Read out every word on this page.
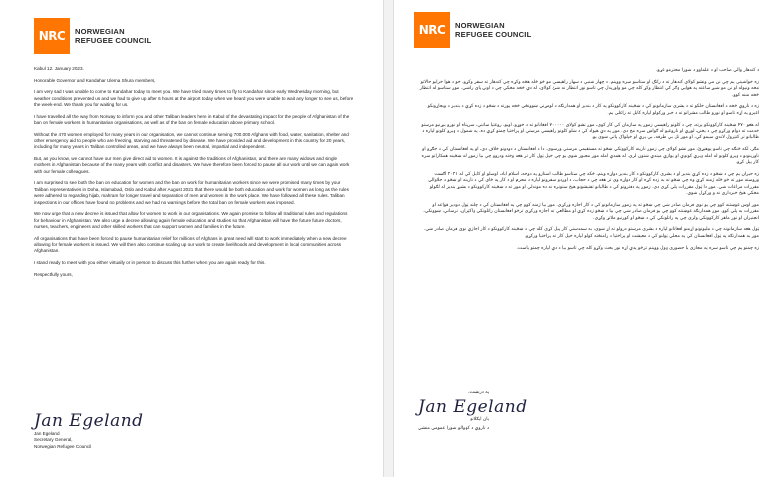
NRC	NORWEGIAN
REFUGEE COUNCIL

Kabul 12. January 2023.

Honorable Governor and Kandahar Ulema Shura members,

I am very sad I was unable to come to Kandahar today to meet you. We have tried many times to fly to Kandahar since early Wednesday morning, but weather conditions prevented us and we had to give up after 6 hours at the airport today when we heard you were unable to wait any longer to see us, before the week-end. We thank you for waiting for us.

I have travelled all the way from Norway to inform you and other Taliban leaders here in Kabul of the devastating impact for the people of Afghanistan of the ban on female workers in humanitarian organisations, as well as of the ban on female education above primary school.

Without the 470 women employed for many years in our organisation, we cannot continue serving 700.000 Afghans with food, water, sanitation, shelter and other emergency aid to people who are freezing, starving and threatened by disease. We have provided aid and development in this country for 20 years, including for many years in Taliban controlled areas, and we have always been neutral, impartial and independent.

But, as you know, we cannot have our men give direct aid to women. It is against the traditions of Afghanistan, and there are many widows and single mothers in Afghanistan because of the many years with conflict and disasters. We have therefore been forced to pause all our work until we can again work with our female colleagues.

I am surprised to see both the ban on education for women and the ban on work for humanitarian workers since we were promised many times by your Taliban representatives in Doha, Islamabad, Oslo and Kabul after August 2021 that there would be both education and work for women as long as the rules were adhered to regarding hijab, mahram for longer travel and separation of men and women in the work place. We have followed all these rules. Taliban inspections in our offices have found no problems and we had no warnings before the total ban on female workers was imposed.

We now urge that a new decree is issued that allow for women to work in our organisations. We again promise to follow all traditional rules and regulations for behaviour in Afghanistan. We also urge a decree allowing again female education and studies so that Afghanistan will have the future future doctors, nurses, teachers, engineers and other skilled workers that can support women and families in the future.

All organisations that have been forced to pause humanitarian relief for millions of Afghans in great need will start to work immediately when a new decree allowing for female workers is issued. We will then also continue scaling up our work to create livelihoods and development in local communities across Afghanistan.

I stand ready to meet with you either virtually or in person to discuss this further when you are again ready for this.

Respectfully yours,

Jan Egeland
Jan Egeland
Secretary General,
Norwegian Refugee Council
NRC	NORWEGIAN
REFUGEE COUNCIL

د کندهار والي صاحب او د علماوو د شورا محترمو غړو،

زه خواشینی یم چې نن مې ونشو کولای کندهار ته د راتګ او ستاسو سره ووینم. د چهار شنبې د سهار راهیسې مو څو ځله هڅه وکړه چې کندهار ته سفر وکړو، خو د هوا خرابو حالاتو مخه ونیوله او نن مو شپږ ساعته په هوايي ډګر کې انتظار وکړ کله چې مو واورېدل چې تاسو نور انتظار نه شئ کولای، له دې څخه مخکې چې د اونۍ پای راشي. موږ ستاسو له انتظار څخه مننه کوو.

زه د ناروې څخه د افغانستان خلکو ته د بشري سازمانونو کې د ښځینه کارکوونکو په کار د بندیز او همدارنګه د لومړني ښوونځي څخه پورته د ښځو د زده کړې د بندیز د ویجاړونکو اغېزو په اړه تاسو او نورو طالب مشرانو ته د خبر ورکولو لپاره کابل ته راغلی یم.

له هغو ۴۷۰ ښځینه کارکوونکو پرته، چې د کلونو راهیسې زموږ په سازمان کې کار کوي، موږ نشو کولای ۷۰۰۰۰۰ افغانانو ته د خوړو، اوبو، روغتیا ساتنې، سرپناه او نورو بېړنیو مرستو خدمت ته دوام ورکړو چې د یخنۍ، لوږې او ناروغیو له ګواښ سره مخ دي. موږ په دې هېواد کې د شلو کلونو راهیسې مرستې او پراختیا چمتو کړې ده، په شمول د ډېرو کلونو لپاره د طالبانو تر کنټرول لاندې سیمو کې، او موږ تل بې طرفه، بې پرې او خپلواک پاتې شوي یو.

مګر، لکه څنګه چې تاسو پوهېږئ، موږ نشو کولای چې زموږ نارینه کارکوونکي ښځو ته مستقیمې مرستې ورسوي. دا د افغانستان د دودونو خلاف دی، او په افغانستان کې د جګړو او ناورینونو د ډېرو کلونو له امله ډېرې کونډې او یوازې میندې شتون لري. له همدې امله موږ مجبور شوي یو چې خپل ټول کار تر هغه وخته ودروو چې بیا زموږ له ښځینه همکارانو سره کار پیل کړو.

زه حیران یم چې د ښځو د زده کړې بندیز او د بشري کارکوونکو د کار بندیز دواړه وینم، ځکه چې ستاسو طالب استازو په دوحه، اسلام اباد، اوسلو او کابل کې له ۲۰۲۱ اګست وروسته موږ ته څو ځله ژمنه کړې وه چې ښځو ته به زده کړه او کار دواړه وي تر هغه چې د حجاب، د اوږدو سفرونو لپاره د محرم او د کار په ځای کې د نارینه او ښځو د جلاوالي مقررات مراعات شي. موږ دا ټول مقررات پلي کړي دي. زموږ په دفترونو کې د طالبانو تفتیشونو هېڅ ستونزه نه ده موندلې او موږ ته د ښځینه کارکوونکو د بشپړ بندیز له لګولو مخکې هېڅ خبرداری نه و ورکړل شوی.

موږ اوس غوښتنه کوو چې یو نوی فرمان صادر شي چې ښځو ته په زموږ سازمانونو کې د کار اجازه ورکړي. موږ بیا ژمنه کوو چې په افغانستان کې د چلند ټول دودیز قواعد او مقررات به پلي کوو. موږ همدارنګه غوښتنه کوو چې یو فرمان صادر شي چې بیا د ښځو زده کړې او مطالعې ته اجازه ورکړي ترڅو افغانستان راتلونکي ډاکټران، نرسانې، ښوونکي، انجنیران او نور ماهر کارکوونکي ولري چې په راتلونکي کې د ښځو او کورنیو ملاتړ وکړي.

ټول هغه سازمانونه چې د ملیونونو اړمنو افغانانو لپاره د بشري مرستو درولو ته اړ شوي، به سمدستي کار پیل کړي کله چې د ښځینه کارکوونکو د کار اجازې نوی فرمان صادر شي. موږ به همدارنګه په ټول افغانستان کې په محلي ټولنو کې د معیشت او پراختیا د رامنځته کولو لپاره خپل کار ته پراختیا ورکړو.

زه چمتو یم چې تاسو سره په مجازي یا حضوري ډول ووینم ترڅو پدې اړه نور بحث وکړو کله چې تاسو بیا د دې لپاره چمتو یاست.

په درنښت،
Jan Egeland
یان ایګلانډ
د ناروې د کډوالو شورا عمومي منشي
